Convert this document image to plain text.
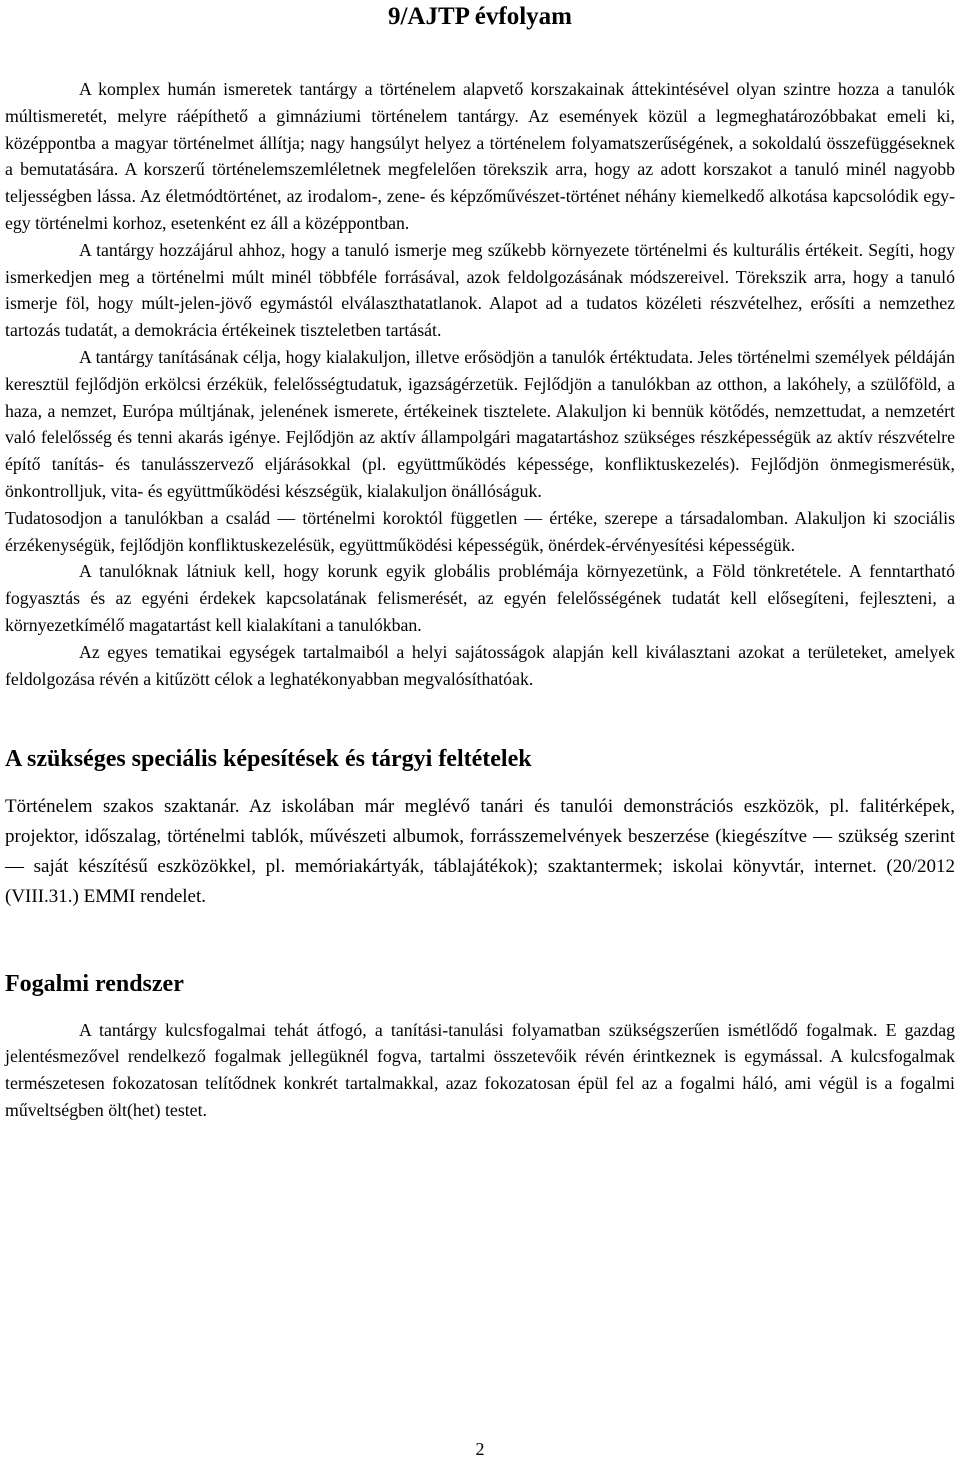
9/AJTP évfolyam

A komplex humán ismeretek tantárgy a történelem alapvető korszakainak áttekintésével olyan szintre hozza a tanulók múltismeretét, melyre ráépíthető a gimnáziumi történelem tantárgy. Az események közül a legmeghatározóbbakat emeli ki, középpontba a magyar történelmet állítja; nagy hangsúlyt helyez a történelem folyamatszerűségének, a sokoldalú összefüggéseknek a bemutatására. A korszerű történelemszemléletnek megfelelően törekszik arra, hogy az adott korszakot a tanuló minél nagyobb teljességben lássa. Az életmódtörténet, az irodalom-, zene- és képzőművészet-történet néhány kiemelkedő alkotása kapcsolódik egy-egy történelmi korhoz, esetenként ez áll a középpontban.

A tantárgy hozzájárul ahhoz, hogy a tanuló ismerje meg szűkebb környezete történelmi és kulturális értékeit. Segíti, hogy ismerkedjen meg a történelmi múlt minél többféle forrásával, azok feldolgozásának módszereivel. Törekszik arra, hogy a tanuló ismerje föl, hogy múlt-jelen-jövő egymástól elválaszthatatlanok. Alapot ad a tudatos közéleti részvételhez, erősíti a nemzethez tartozás tudatát, a demokrácia értékeinek tiszteletben tartását.

A tantárgy tanításának célja, hogy kialakuljon, illetve erősödjön a tanulók értéktudata. Jeles történelmi személyek példáján keresztül fejlődjön erkölcsi érzékük, felelősségtudatuk, igazságérzetük. Fejlődjön a tanulókban az otthon, a lakóhely, a szülőföld, a haza, a nemzet, Európa múltjának, jelenének ismerete, értékeinek tisztelete. Alakuljon ki bennük kötődés, nemzettudat, a nemzetért való felelősség és tenni akarás igénye. Fejlődjön az aktív állampolgári magatartáshoz szükséges részképességük az aktív részvételre építő tanítás- és tanulásszervező eljárásokkal (pl. együttműködés képessége, konfliktuskezelés). Fejlődjön önmegismerésük, önkontrolljuk, vita- és együttműködési készségük, kialakuljon önállóságuk.

Tudatosodjon a tanulókban a család — történelmi koroktól független — értéke, szerepe a társadalomban. Alakuljon ki szociális érzékenységük, fejlődjön konfliktuskezelésük, együttműködési képességük, önérdek-érvényesítési képességük.

A tanulóknak látniuk kell, hogy korunk egyik globális problémája környezetünk, a Föld tönkretétele. A fenntartható fogyasztás és az egyéni érdekek kapcsolatának felismerését, az egyén felelősségének tudatát kell elősegíteni, fejleszteni, a környezetkímélő magatartást kell kialakítani a tanulókban.

Az egyes tematikai egységek tartalmaiból a helyi sajátosságok alapján kell kiválasztani azokat a területeket, amelyek feldolgozása révén a kitűzött célok a leghatékonyabban megvalósíthatóak.

A szükséges speciális képesítések és tárgyi feltételek

Történelem szakos szaktanár. Az iskolában már meglévő tanári és tanulói demonstrációs eszközök, pl. falitérképek, projektor, időszalag, történelmi tablók, művészeti albumok, forrásszemelvények beszerzése (kiegészítve — szükség szerint — saját készítésű eszközökkel, pl. memóriakártyák, táblajátékok); szaktantermek; iskolai könyvtár, internet. (20/2012 (VIII.31.) EMMI rendelet.

Fogalmi rendszer

A tantárgy kulcsfogalmai tehát átfogó, a tanítási-tanulási folyamatban szükségszerűen ismétlődő fogalmak. E gazdag jelentésmezővel rendelkező fogalmak jellegüknél fogva, tartalmi összetevőik révén érintkeznek is egymással. A kulcsfogalmak természetesen fokozatosan telítődnek konkrét tartalmakkal, azaz fokozatosan épül fel az a fogalmi háló, ami végül is a fogalmi műveltségben ölt(het) testet.

2
